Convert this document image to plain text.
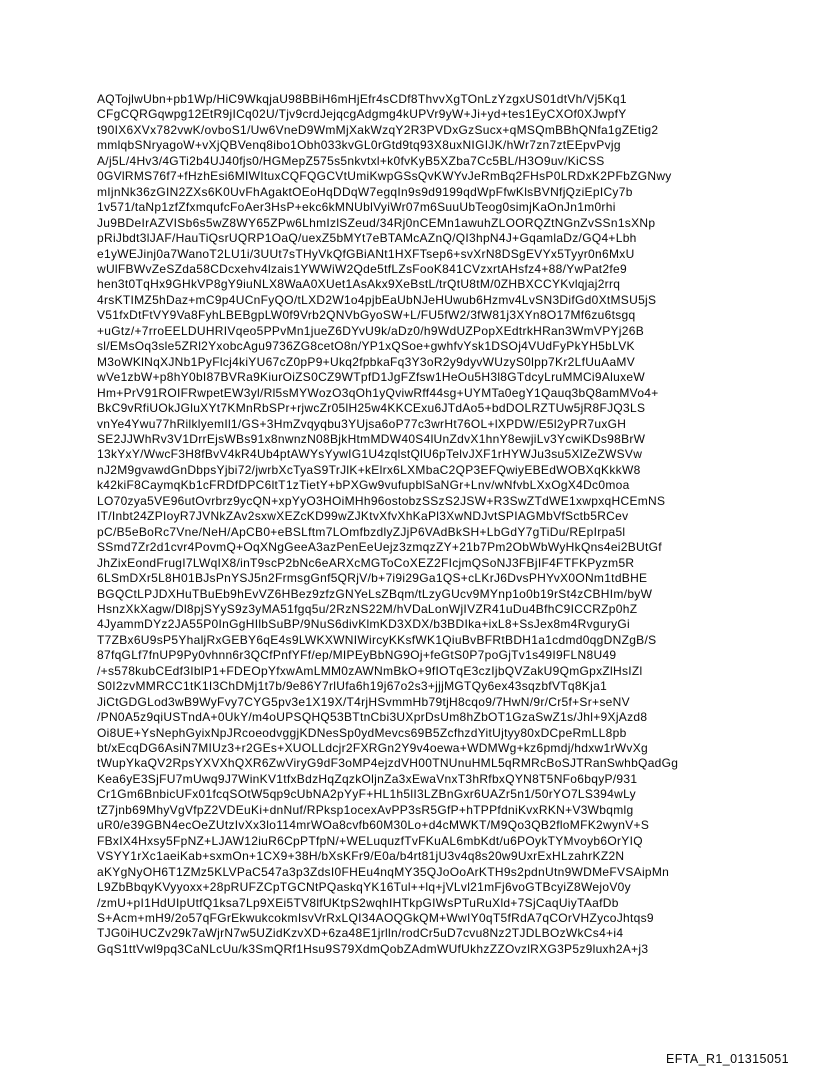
AQTojlwUbn+pb1Wp/HiC9WkqjaU98BBiH6mHjEfr4sCDf8ThvvXgTOnLzYzgxUS01dtVh/Vj5Kq1
CFgCQRGqwpg12EtR9jICq02U/Tjv9crdJejqcgAdgmg4kUPVr9yW+Ji+yd+tes1EyCXOf0XJwpfY
t90IX6XVx782vwK/ovboS1/Uw6VneD9WmMjXakWzqY2R3PVDxGzSucx+qMSQmBBhQNfa1gZEtig2
mmlqbSNryagoW+vXjQBVenq8ibo1Obh033kvGL0rGtd9tq93X8uxNIGIJK/hWr7zn7ztEEpvPvjg
A/j5L/4Hv3/4GTi2b4UJ40fjs0/HGMepZ575s5nkvtxl+k0fvKyB5XZba7Cc5BL/H3O9uv/KiCSS
0GVlRMS76f7+fHzhEsi6MIWItuxCQFQGCVtUmiKwpGSsQvKWYvJeRmBq2FHsP0LRDxK2PFbZGNwy
mIjnNk36zGIN2ZXs6K0UvFhAgaktOEoHqDDqW7egqIn9s9d9199qdWpFfwKlsBVNfjQziEpICy7b
1v571/taNp1zfZfxmqufcFoAer3HsP+ekc6kMNUblVyiWr07m6SuuUbTeog0simjKaOnJn1m0rhi
Ju9BDeIrAZVISb6s5wZ8WY65ZPw6LhmIzlSZeud/34Rj0nCEMn1awuhZLOORQZtNGnZvSSn1sXNp
pRiJbdt3lJAF/HauTiQsrUQRP1OaQ/uexZ5bMYt7eBTAMcAZnQ/QI3hpN4J+GqamlaDz/GQ4+Lbh
e1yWEJinj0a7WanoT2LU1i/3UUt7sTHyVkQfGBiANt1HXFTsep6+svXrN8DSgEVYx5Tyyr0n6MxU
wUlFBWvZeSZda58CDcxehv4lzais1YWWiW2Qde5tfLZsFooK841CVzxrtAHsfz4+88/YwPat2fe9
hen3t0TqHx9GHkVP8gY9iuNLX8WaA0XUet1AsAkx9XeBstL/trQtU8tM/0ZHBXCCYKvlqjaj2rrq
4rsKTIMZ5hDaz+mC9p4UCnFyQO/tLXD2W1o4pjbEaUbNJeHUwub6Hzmv4LvSN3DifGd0XtMSU5jS
V51fxDtFtVY9Va8FyhLBEBgpLW0f9Vrb2QNVbGyoSW+L/FU5fW2/3fW81j3XYn8O17Mf6zu6tsgq
+uGtz/+7rroEELDUHRIVqeo5PPvMn1jueZ6DYvU9k/aDz0/h9WdUZPopXEdtrkHRan3WmVPYj26B
sl/EMsOq3sle5ZRl2YxobcAgu9736ZG8cetO8n/YP1xQSoe+gwhfvYsk1DSOj4VUdFyPkYH5bLVK
M3oWKlNqXJNb1PyFlcj4kiYU67cZ0pP9+Ukq2fpbkaFq3Y3oR2y9dyvWUzyS0lpp7Kr2LfUuAaMV
wVe1zbW+p8hY0bI87BVRa9KiurOiZS0CZ9WTpfD1JgFZfsw1HeOu5H3l8GTdcyLruMMCi9AluxeW
Hm+PrV91ROIFRwpetEW3yl/Rl5sMYWozO3qOh1yQviwRff44sg+UYMTa0egY1Qauq3bQ8amMVo4+
BkC9vRfiUOkJGluXYt7KMnRbSPr+rjwcZr05lH25w4KKCExu6JTdAo5+bdDOLRZTUw5jR8FJQ3LS
vnYe4Ywu77hRilklyemIl1/GS+3HmZvqyqbu3YUjsa6oP77c3wrHt76OL+lXPDW/E5l2yPR7uxGH
SE2JJWhRv3V1DrrEjsWBs91x8nwnzN08BjkHtmMDW40S4lUnZdvX1hnY8ewjiLv3YcwiKDs98BrW
13kYxY/WwcF3H8fBvV4kR4Ub4ptAWYsYywIG1U4zqlstQlU6pTelvJXF1rHYWJu3su5XlZeZWSVw
nJ2M9gvawdGnDbpsYjbi72/jwrbXcTyaS9TrJlK+kElrx6LXMbaC2QP3EFQwiyEBEdWOBXqKkkW8
k42kiF8CaymqKb1cFRDfDPC6ltT1zTietY+bPXGw9vufupblSaNGr+Lnv/wNfvbLXxOgX4Dc0moa
LO70zya5VE96utOvrbrz9ycQN+xpYyO3HOiMHh96ostobzSSzS2JSW+R3SwZTdWE1xwpxqHCEmNS
IT/Inbt24ZPIoyR7JVNkZAv2sxwXEZcKD99wZJKtvXfvXhKaPl3XwNDJvtSPIAGMbVfSctb5RCev
pC/B5eBoRc7Vne/NeH/ApCB0+eBSLftm7LOmfbzdlyZJjP6VAdBkSH+LbGdY7gTiDu/REpIrpa5l
SSmd7Zr2d1cvr4PovmQ+OqXNgGeeA3azPenEeUejz3zmqzZY+21b7Pm2ObWbWyHkQns4ei2BUtGf
JhZixEondFrugI7LWqIX8/inT9scP2bNc6eARXcMGToCoXEZ2FIcjmQSoNJ3FBjIF4FTFKPyzm5R
6LSmDXr5L8H01BJsPnYSJ5n2FrmsgGnf5QRjV/b+7i9i29Ga1QS+cLKrJ6DvsPHYvX0ONm1tdBHE
BGQCtLPJDXHuTBuEb9hEvVZ6HBez9zfzGNYeLsZBqm/tLzyGUcv9MYnp1o0b19rSt4zCBHIm/byW
HsnzXkXagw/Dl8pjSYyS9z3yMA51fgq5u/2RzNS22M/hVDaLonWjIVZR41uDu4BfhC9ICCRZp0hZ
4JyammDYz2JA55P0InGgHIlbSuBP/9NuS6divKlmKD3XDX/b3BDIka+ixL8+SsJex8m4RvguryGi
T7ZBx6U9sP5YhaljRxGEBY6qE4s9LWKXWNIWircyKKsfWK1QiuBvBFRtBDH1a1cdmd0qgDNZgB/S
87fqGLf7fnUP9Py0vhnn6r3QCfPnfYFf/ep/MIPEyBbNG9Oj+feGtS0P7poGjTv1s49I9FLN8U49
/+s578kubCEdf3IblP1+FDEOpYfxwAmLMM0zAWNmBkO+9fIOTqE3czIjbQVZakU9QmGpxZlHsIZl
S0I2zvMMRCC1tK1I3ChDMj1t7b/9e86Y7rlUfa6h19j67o2s3+jjjMGTQy6ex43sqzbfVTq8Kja1
JiCtGDGLod3wB9WyFvy7CYG5pv3e1X19X/T4rjHSvmmHb79tjH8cqo9/7HwN/9r/Cr5f+Sr+seNV
/PN0A5z9qiUSTndA+0UkY/m4oUPSQHQ53BTtnCbi3UXprDsUm8hZbOT1GzaSwZ1s/Jhl+9XjAzd8
Oi8UE+YsNephGyixNpJRcoeodvggjKDNesSp0ydMevcs69B5ZcfhzdYitUjtyy80xDCpeRmLL8pb
bt/xEcqDG6AsiN7MIUz3+r2GEs+XUOLLdcjr2FXRGn2Y9v4oewa+WDMWg+kz6pmdj/hdxw1rWvXg
tWupYkaQV2RpsYXVXhQXR6ZwViryG9dF3oMP4ejzdVH00TNUnuHML5qRMRcBoSJTRanSwhbQadGg
Kea6yE3SjFU7mUwq9J7WinKV1tfxBdzHqZqzkOljnZa3xEwaVnxT3hRfbxQYN8T5NFo6bqyP/931
Cr1Gm6BnbicUFx01fcqSOtW5qp9cUbNA2pYyF+HL1h5lI3LZBnGxr6UAZr5n1/50rYO7LS394wLy
tZ7jnb69MhyVgVfpZ2VDEuKi+dnNuf/RPksp1ocexAvPP3sR5GfP+hTPPfdniKvxRKN+V3Wbqmlg
uR0/e39GBN4ecOeZUtzIvXx3lo114mrWOa8cvfb60M30Lo+d4cMWKT/M9Qo3QB2floMFK2wynV+S
FBxIX4Hxsy5FpNZ+LJAW12iuR6CpPTfpN/+WELuquzfTvFKuAL6mbKdt/u6POykTYMvoyb6OrYIQ
VSYY1rXc1aeiKab+sxmOn+1CX9+38H/bXsKFr9/E0a/b4rt81jU3v4q8s20w9UxrExHLzahrKZ2N
aKYgNyOH6T1ZMz5KLVPaC547a3p3ZdsI0FHEu4nqMY35QJoOoArKTH9s2pdnUtn9WDMeFVSAipMn
L9ZbBbqyKVyyoxx+28pRUFZCpTGCNtPQaskqYK16Tul++lq+jVLvl21mFj6voGTBcyiZ8WejoV0y
/zmU+pI1HdUIpUtfQ1ksa7Lp9XEi5TV8lfUKtpS2wqhIHTkpGIWsPTuRuXld+7SjCaqUiyTAafDb
S+Acm+mH9/2o57qFGrEkwukcokmIsvVrRxLQI34AOQGkQM+WwIY0qT5fRdA7qCOrVHZycoJhtqs9
TJG0iHUCZv29k7aWjrN7w5UZidKzvXD+6za48E1jrlln/rodCr5uD7cvu8Nz2TJDLBOzWkCs4+i4
GqS1ttVwl9pq3CaNLcUu/k3SmQRf1Hsu9S79XdmQobZAdmWUfUkhzZZOvzlRXG3P5z9luxh2A+j3
EFTA_R1_01315051
